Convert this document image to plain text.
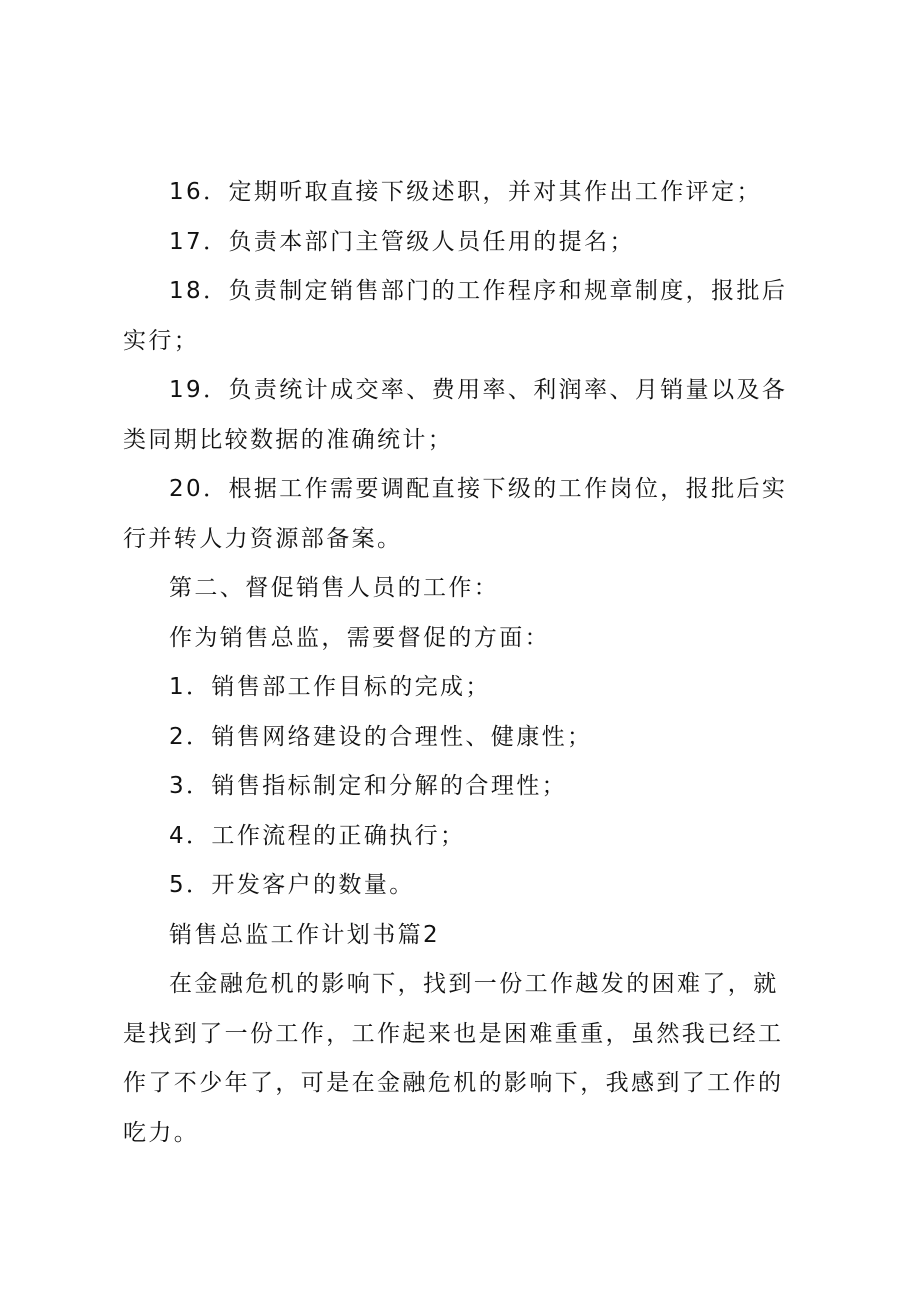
16．定期听取直接下级述职，并对其作出工作评定；

17．负责本部门主管级人员任用的提名；

18．负责制定销售部门的工作程序和规章制度，报批后实行；

19．负责统计成交率、费用率、利润率、月销量以及各类同期比较数据的准确统计；

20．根据工作需要调配直接下级的工作岗位，报批后实行并转人力资源部备案。

第二、督促销售人员的工作：

作为销售总监，需要督促的方面：

1．销售部工作目标的完成；

2．销售网络建设的合理性、健康性；

3．销售指标制定和分解的合理性；

4．工作流程的正确执行；

5．开发客户的数量。

销售总监工作计划书篇2

在金融危机的影响下，找到一份工作越发的困难了，就是找到了一份工作，工作起来也是困难重重，虽然我已经工作了不少年了，可是在金融危机的影响下，我感到了工作的吃力。
